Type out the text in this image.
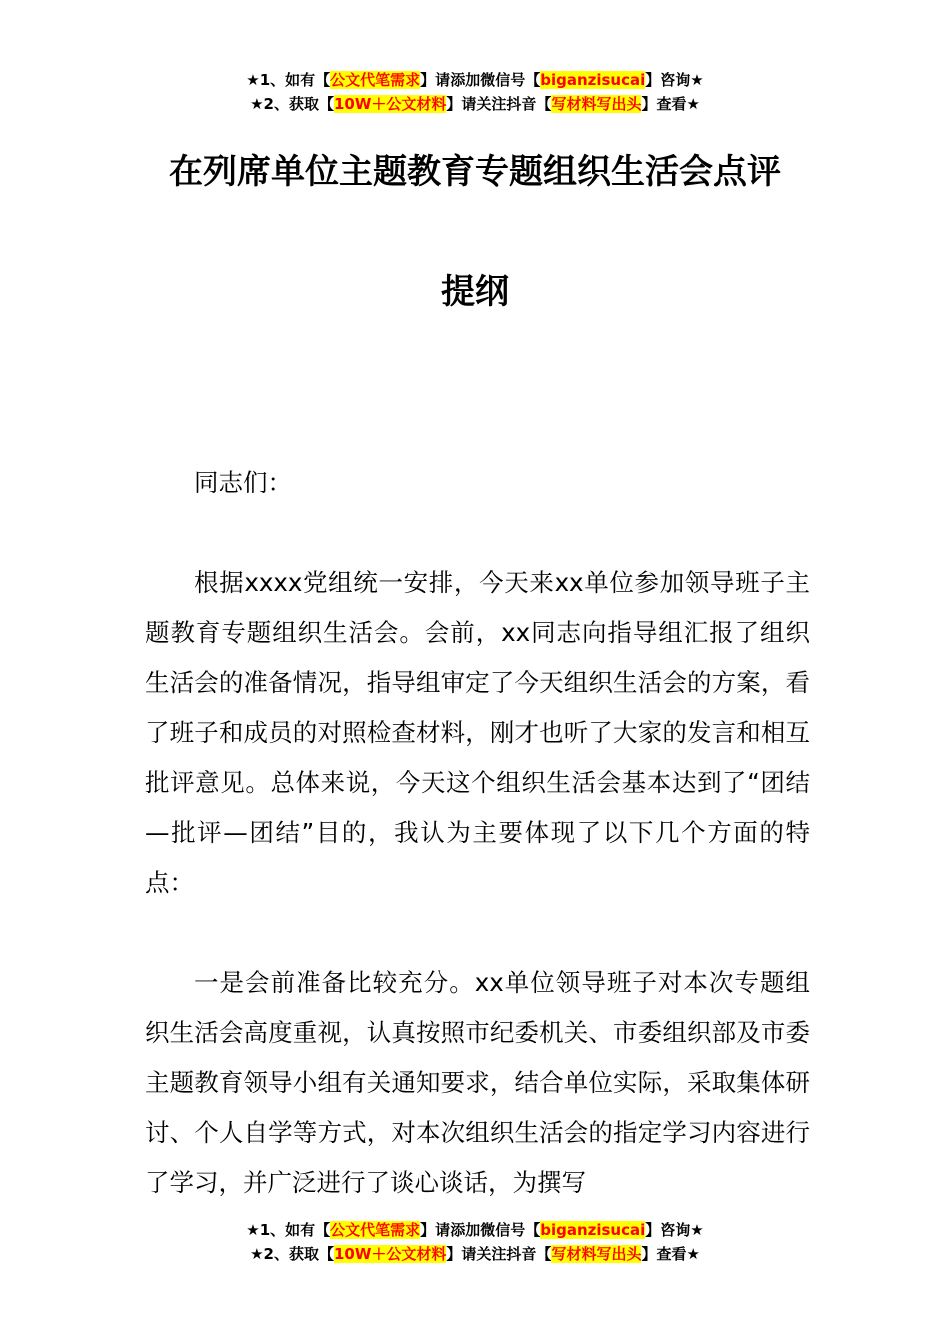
★1、如有【公文代笔需求】请添加微信号【biganzisucai】咨询★
★2、获取【10W＋公文材料】请关注抖音【写材料写出头】查看★
在列席单位主题教育专题组织生活会点评
提纲

同志们：

根据xxxx党组统一安排，今天来xx单位参加领导班子主题教育专题组织生活会。会前，xx同志向指导组汇报了组织生活会的准备情况，指导组审定了今天组织生活会的方案，看了班子和成员的对照检查材料，刚才也听了大家的发言和相互批评意见。总体来说，今天这个组织生活会基本达到了“团结—批评—团结”目的，我认为主要体现了以下几个方面的特点：

一是会前准备比较充分。xx单位领导班子对本次专题组织生活会高度重视，认真按照市纪委机关、市委组织部及市委主题教育领导小组有关通知要求，结合单位实际，采取集体研讨、个人自学等方式，对本次组织生活会的指定学习内容进行了学习，并广泛进行了谈心谈话，为撰写

★1、如有【公文代笔需求】请添加微信号【biganzisucai】咨询★
★2、获取【10W＋公文材料】请关注抖音【写材料写出头】查看★
